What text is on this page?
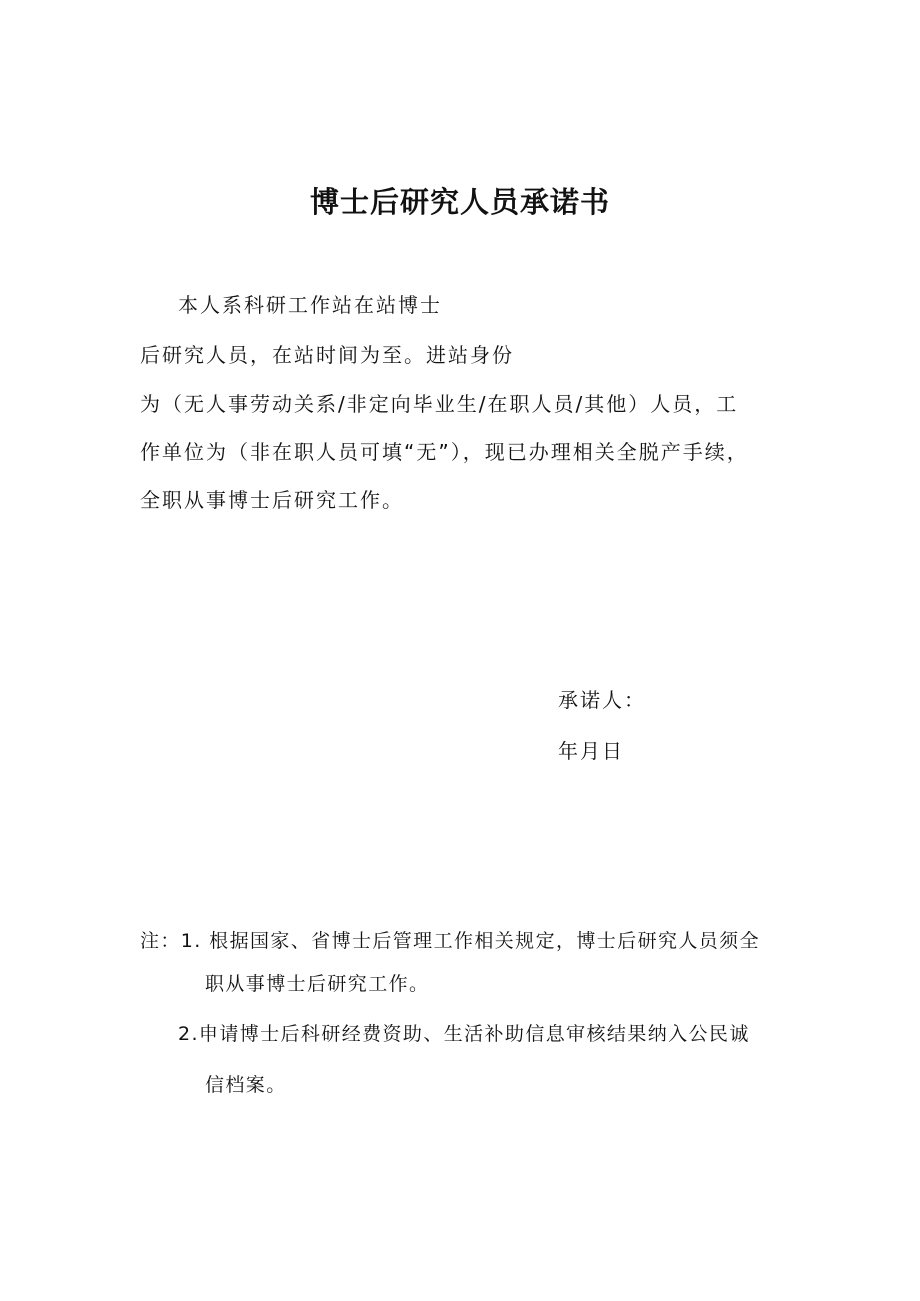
博士后研究人员承诺书
本人系科研工作站在站博士
后研究人员，在站时间为至。进站身份
为（无人事劳动关系/非定向毕业生/在职人员/其他）人员，工
作单位为（非在职人员可填“无”），现已办理相关全脱产手续，
全职从事博士后研究工作。
承诺人：
年月日
注：1. 根据国家、省博士后管理工作相关规定，博士后研究人员须全
职从事博士后研究工作。
2.申请博士后科研经费资助、生活补助信息审核结果纳入公民诚
信档案。
